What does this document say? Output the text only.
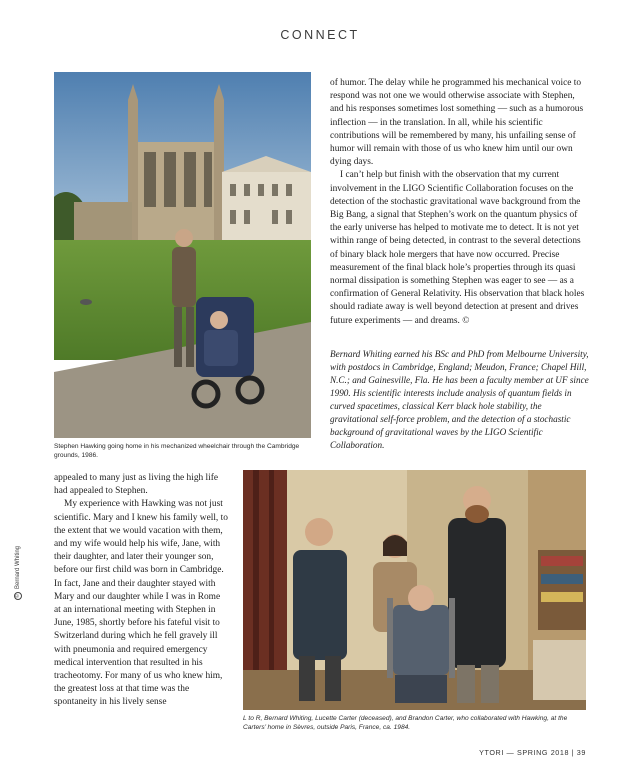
CONNECT
Stephen Hawking going home in his mechanized wheelchair through the Cambridge grounds, 1986.

of humor. The delay while he programmed his mechanical voice to respond was not one we would otherwise associate with Stephen, and his responses sometimes lost something — such as a humorous inflection — in the translation. In all, while his scientific contributions will be remembered by many, his unfailing sense of humor will remain with those of us who knew him until our own dying days.

I can’t help but finish with the observation that my current involvement in the LIGO Scientific Collaboration focuses on the detection of the stochastic gravitational wave background from the Big Bang, a signal that Stephen’s work on the quantum physics of the early universe has helped to motivate me to detect. It is not yet within range of being detected, in contrast to the several detections of binary black hole mergers that have now occurred. Precise measurement of the final black hole’s properties through its quasi normal dissipation is something Stephen was eager to see — as a confirmation of General Relativity. His observation that black holes should radiate away is well beyond detection at present and drives future experiments — and dreams. ©

Bernard Whiting earned his BSc and PhD from Melbourne University, with postdocs in Cambridge, England; Meudon, France; Chapel Hill, N.C.; and Gainesville, Fla. He has been a faculty member at UF since 1990. His scientific interests include analysis of quantum fields in curved spacetimes, classical Kerr black hole stability, the gravitational self-force problem, and the detection of a stochastic background of gravitational waves by the LIGO Scientific Collaboration.

appealed to many just as living the high life had appealed to Stephen.

My experience with Hawking was not just scientific. Mary and I knew his family well, to the extent that we would vacation with them, and my wife would help his wife, Jane, with their daughter, and later their younger son, before our first child was born in Cambridge. In fact, Jane and their daughter stayed with Mary and our daughter while I was in Rome at an international meeting with Stephen in June, 1985, shortly before his fateful visit to Switzerland during which he fell gravely ill with pneumonia and required emergency medical intervention that resulted in his tracheotomy. For many of us who knew him, the greatest loss at that time was the spontaneity in his lively sense

©Bernard Whiting
L to R, Bernard Whiting, Lucette Carter (deceased), and Brandon Carter, who collaborated with Hawking, at the Carters’ home in Sèvres, outside Paris, France, ca. 1984.
YTORI — SPRING 2018 | 39
